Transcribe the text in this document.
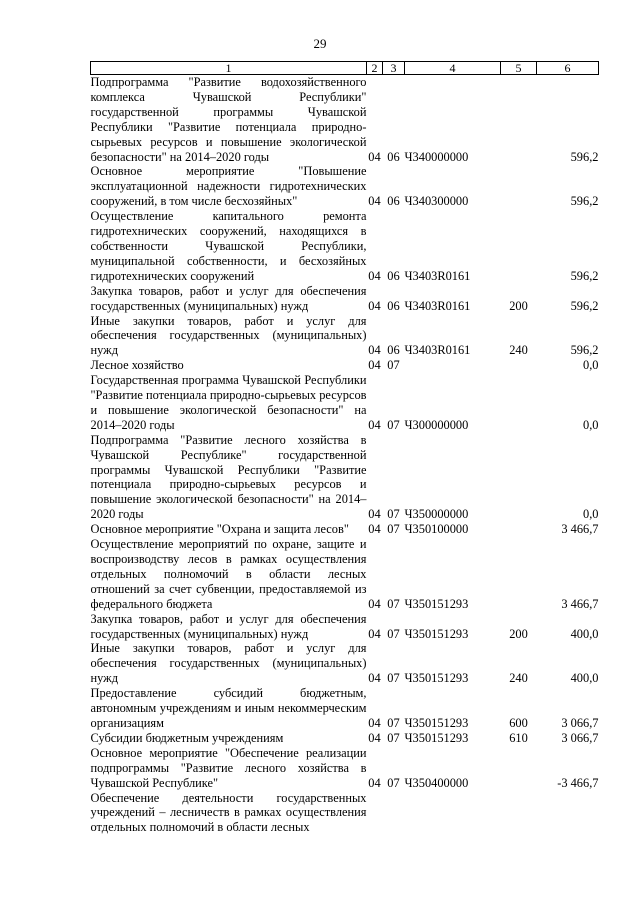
29
1	2	3	4	5	6
Подпрограмма "Развитие водохозяйственного комплекса Чувашской Республики" государственной программы Чувашской Республики "Развитие потенциала природно-сырьевых ресурсов и повышение экологической безопасности" на 2014–2020 годы	04	06	Ч340000000		596,2
Основное мероприятие "Повышение эксплуатационной надежности гидротехнических сооружений, в том числе бесхозяйных"	04	06	Ч340300000		596,2
Осуществление капитального ремонта гидротехнических сооружений, находящихся в собственности Чувашской Республики, муниципальной собственности, и бесхозяйных гидротехнических сооружений	04	06	Ч3403R0161		596,2
Закупка товаров, работ и услуг для обеспечения государственных (муниципальных) нужд	04	06	Ч3403R0161	200	596,2
Иные закупки товаров, работ и услуг для обеспечения государственных (муниципальных) нужд	04	06	Ч3403R0161	240	596,2
Лесное хозяйство	04	07			0,0
Государственная программа Чувашской Республики "Развитие потенциала природно-сырьевых ресурсов и повышение экологической безопасности" на 2014–2020 годы	04	07	Ч300000000		0,0
Подпрограмма "Развитие лесного хозяйства в Чувашской Республике" государственной программы Чувашской Республики "Развитие потенциала природно-сырьевых ресурсов и повышение экологической безопасности" на 2014–2020 годы	04	07	Ч350000000		0,0
Основное мероприятие "Охрана и защита лесов"	04	07	Ч350100000		3 466,7
Осуществление мероприятий по охране, защите и воспроизводству лесов в рамках осуществления отдельных полномочий в области лесных отношений за счет субвенции, предоставляемой из федерального бюджета	04	07	Ч350151293		3 466,7
Закупка товаров, работ и услуг для обеспечения государственных (муниципальных) нужд	04	07	Ч350151293	200	400,0
Иные закупки товаров, работ и услуг для обеспечения государственных (муниципальных) нужд	04	07	Ч350151293	240	400,0
Предоставление субсидий бюджетным, автономным учреждениям и иным некоммерческим организациям	04	07	Ч350151293	600	3 066,7
Субсидии бюджетным учреждениям	04	07	Ч350151293	610	3 066,7
Основное мероприятие "Обеспечение реализации подпрограммы "Развитие лесного хозяйства в Чувашской Республике"	04	07	Ч350400000		-3 466,7
Обеспечение деятельности государственных учреждений – лесничеств в рамках осуществления отдельных полномочий в области лесных					
